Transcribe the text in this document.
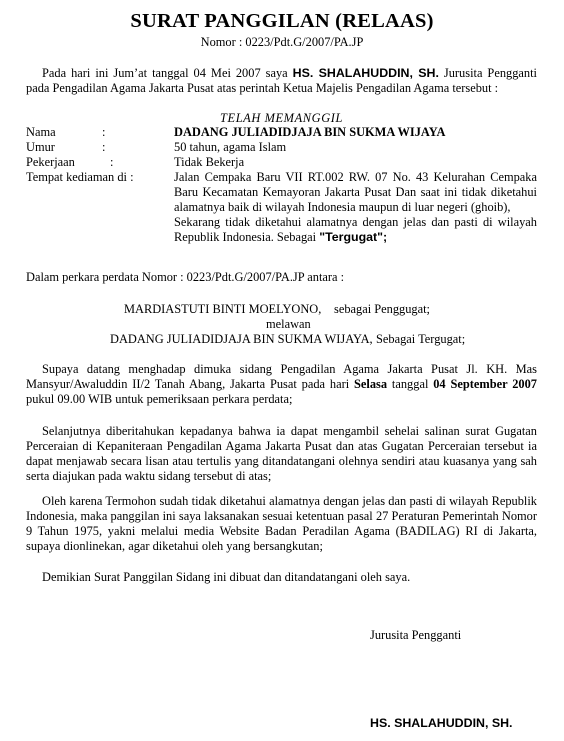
SURAT PANGGILAN (RELAAS)
Nomor : 0223/Pdt.G/2007/PA.JP

Pada hari ini Jum’at tanggal 04 Mei 2007 saya HS. SHALAHUDDIN, SH. Jurusita Pengganti pada Pengadilan Agama Jakarta Pusat atas perintah Ketua Majelis Pengadilan Agama tersebut :

TELAH MEMANGGIL
Nama	:	DADANG JULIADIDJAJA BIN SUKMA WIJAYA
Umur	:	50 tahun, agama Islam
Pekerjaan	:	Tidak Bekerja
Tempat kediaman di :	Jalan Cempaka Baru VII RT.002 RW. 07 No. 43 Kelurahan Cempaka Baru Kecamatan Kemayoran Jakarta Pusat Dan saat ini tidak diketahui alamatnya baik di wilayah Indonesia maupun di luar negeri (ghoib),

Sekarang tidak diketahui alamatnya dengan jelas dan pasti di wilayah Republik Indonesia. Sebagai "Tergugat";

Dalam perkara perdata Nomor : 0223/Pdt.G/2007/PA.JP antara :
MARDIASTUTI BINTI MOELYONO, sebagai Penggugat;
melawan
DADANG JULIADIDJAJA BIN SUKMA WIJAYA, Sebagai Tergugat;

Supaya datang menghadap dimuka sidang Pengadilan Agama Jakarta Pusat Jl. KH. Mas Mansyur/Awaluddin II/2 Tanah Abang, Jakarta Pusat pada hari Selasa tanggal 04 September 2007 pukul 09.00 WIB untuk pemeriksaan perkara perdata;

Selanjutnya diberitahukan kepadanya bahwa ia dapat mengambil sehelai salinan surat Gugatan Perceraian di Kepaniteraan Pengadilan Agama Jakarta Pusat dan atas Gugatan Perceraian tersebut ia dapat menjawab secara lisan atau tertulis yang ditandatangani olehnya sendiri atau kuasanya yang sah serta diajukan pada waktu sidang tersebut di atas;

Oleh karena Termohon sudah tidak diketahui alamatnya dengan jelas dan pasti di wilayah Republik Indonesia, maka panggilan ini saya laksanakan sesuai ketentuan pasal 27 Peraturan Pemerintah Nomor 9 Tahun 1975, yakni melalui media Website Badan Peradilan Agama (BADILAG) RI di Jakarta, supaya dionlinekan, agar diketahui oleh yang bersangkutan;

Demikian Surat Panggilan Sidang ini dibuat dan ditandatangani oleh saya.

Jurusita Pengganti
HS. SHALAHUDDIN, SH.
